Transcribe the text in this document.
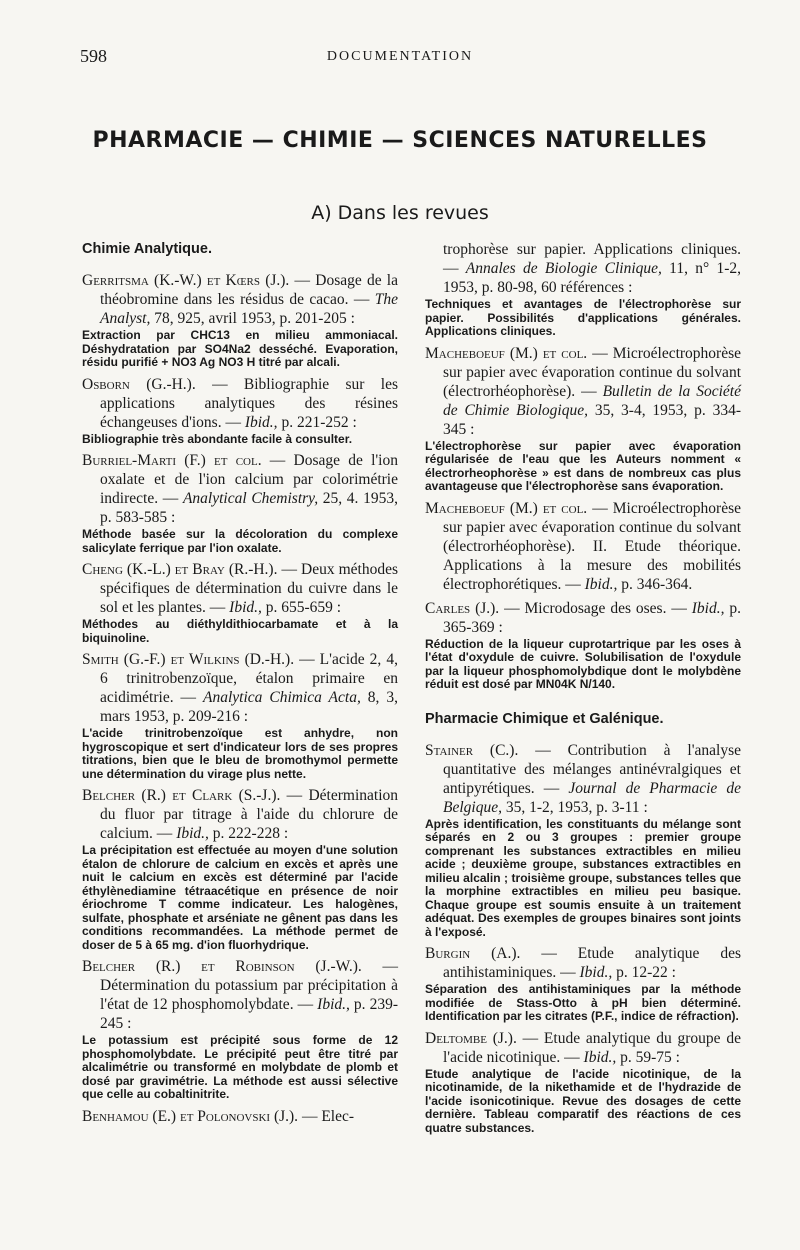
598	DOCUMENTATION
PHARMACIE — CHIMIE — SCIENCES NATURELLES
A) Dans les revues
Chimie Analytique.
Gerritsma (K.-W.) et Kœrs (J.). — Dosage de la théobromine dans les résidus de cacao. — The Analyst, 78, 925, avril 1953, p. 201-205 :
Extraction par CHC13 en milieu ammoniacal. Déshydratation par SO4Na2 desséché. Evaporation, résidu purifié + NO3 Ag NO3 H titré par alcali.
Osborn (G.-H.). — Bibliographie sur les applications analytiques des résines échangeuses d'ions. — Ibid., p. 221-252 :
Bibliographie très abondante facile à consulter.
Burriel-Marti (F.) et col. — Dosage de l'ion oxalate et de l'ion calcium par colorimétrie indirecte. — Analytical Chemistry, 25, 4. 1953, p. 583-585 :
Méthode basée sur la décoloration du complexe salicylate ferrique par l'ion oxalate.
Cheng (K.-L.) et Bray (R.-H.). — Deux méthodes spécifiques de détermination du cuivre dans le sol et les plantes. — Ibid., p. 655-659 :
Méthodes au diéthyldithiocarbamate et à la biquinoline.
Smith (G.-F.) et Wilkins (D.-H.). — L'acide 2, 4, 6 trinitrobenzoïque, étalon primaire en acidimétrie. — Analytica Chimica Acta, 8, 3, mars 1953, p. 209-216 :
L'acide trinitrobenzoïque est anhydre, non hygroscopique et sert d'indicateur lors de ses propres titrations, bien que le bleu de bromothymol permette une détermination du virage plus nette.
Belcher (R.) et Clark (S.-J.). — Détermination du fluor par titrage à l'aide du chlorure de calcium. — Ibid., p. 222-228 :
La précipitation est effectuée au moyen d'une solution étalon de chlorure de calcium en excès et après une nuit le calcium en excès est déterminé par l'acide éthylènediamine tétraacétique en présence de noir ériochrome T comme indicateur. Les halogènes, sulfate, phosphate et arséniate ne gênent pas dans les conditions recommandées. La méthode permet de doser de 5 à 65 mg. d'ion fluorhydrique.
Belcher (R.) et Robinson (J.-W.). — Détermination du potassium par précipitation à l'état de 12 phosphomolybdate. — Ibid., p. 239-245 :
Le potassium est précipité sous forme de 12 phosphomolybdate. Le précipité peut être titré par alcalimétrie ou transformé en molybdate de plomb et dosé par gravimétrie. La méthode est aussi sélective que celle au cobaltinitrite.
Benhamou (E.) et Polonovski (J.). — Elec-
trophorèse sur papier. Applications cliniques. — Annales de Biologie Clinique, 11, n° 1-2, 1953, p. 80-98, 60 références :
Techniques et avantages de l'électrophorèse sur papier. Possibilités d'applications générales. Applications cliniques.
Macheboeuf (M.) et col. — Microélectrophorèse sur papier avec évaporation continue du solvant (électrorhéophorèse). — Bulletin de la Société de Chimie Biologique, 35, 3-4, 1953, p. 334-345 :
L'électrophorèse sur papier avec évaporation régularisée de l'eau que les Auteurs nomment « électrorheophorèse » est dans de nombreux cas plus avantageuse que l'électrophorèse sans évaporation.
Macheboeuf (M.) et col. — Microélectrophorèse sur papier avec évaporation continue du solvant (électrorhéophorèse). II. Etude théorique. Applications à la mesure des mobilités électrophorétiques. — Ibid., p. 346-364.
Carles (J.). — Microdosage des oses. — Ibid., p. 365-369 :
Réduction de la liqueur cuprotartrique par les oses à l'état d'oxydule de cuivre. Solubilisation de l'oxydule par la liqueur phosphomolybdique dont le molybdène réduit est dosé par MN04K N/140.
Pharmacie Chimique et Galénique.
Stainer (C.). — Contribution à l'analyse quantitative des mélanges antinévralgiques et antipyrétiques. — Journal de Pharmacie de Belgique, 35, 1-2, 1953, p. 3-11 :
Après identification, les constituants du mélange sont séparés en 2 ou 3 groupes : premier groupe comprenant les substances extractibles en milieu acide ; deuxième groupe, substances extractibles en milieu alcalin ; troisième groupe, substances telles que la morphine extractibles en milieu peu basique. Chaque groupe est soumis ensuite à un traitement adéquat. Des exemples de groupes binaires sont joints à l'exposé.
Burgin (A.). — Etude analytique des antihistaminiques. — Ibid., p. 12-22 :
Séparation des antihistaminiques par la méthode modifiée de Stass-Otto à pH bien déterminé. Identification par les citrates (P.F., indice de réfraction).
Deltombe (J.). — Etude analytique du groupe de l'acide nicotinique. — Ibid., p. 59-75 :
Etude analytique de l'acide nicotinique, de la nicotinamide, de la nikethamide et de l'hydrazide de l'acide isonicotinique. Revue des dosages de cette dernière. Tableau comparatif des réactions de ces quatre substances.
